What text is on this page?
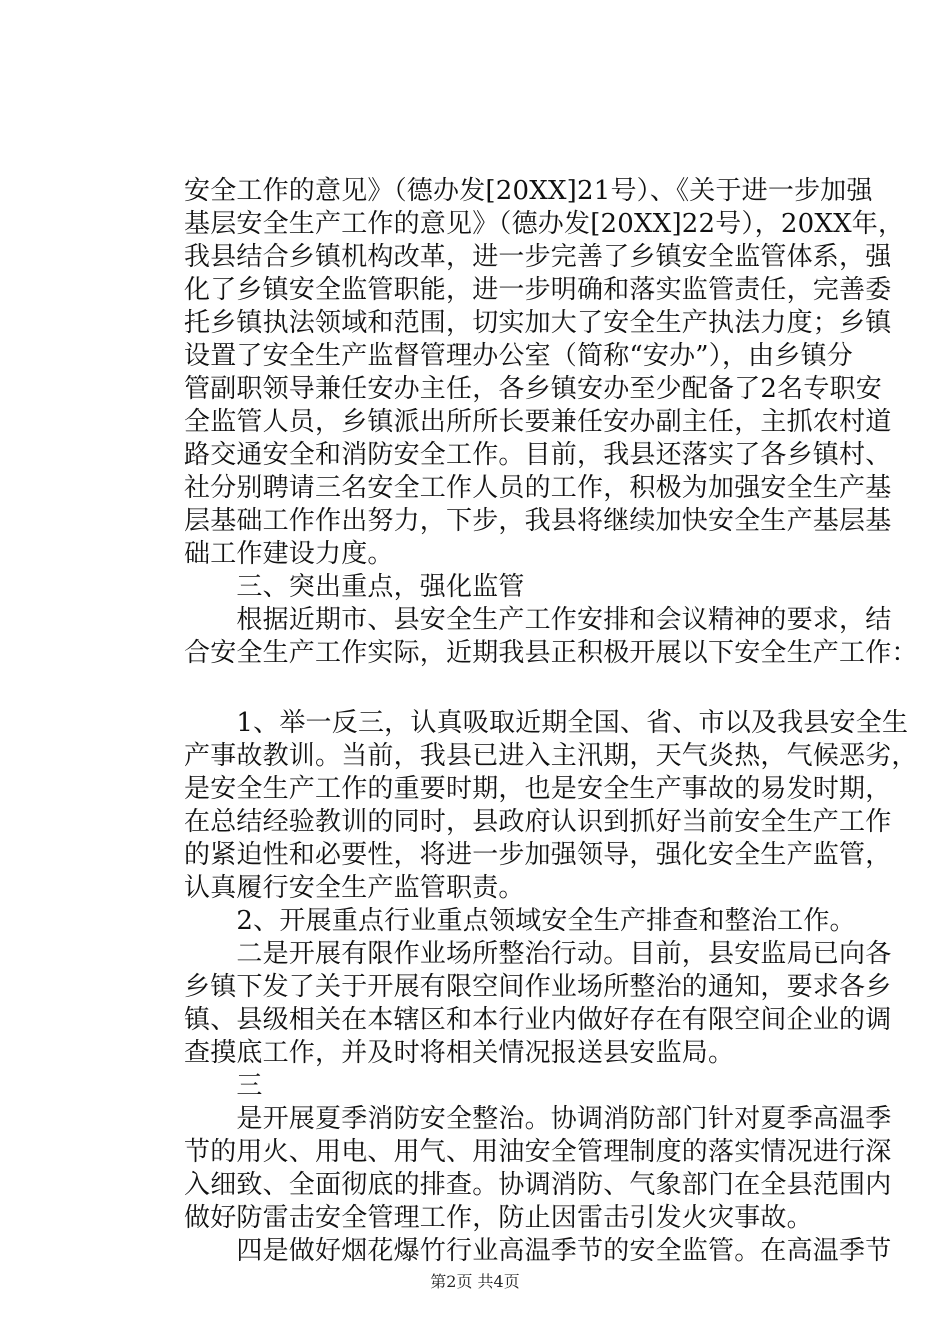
安全工作的意见》（德办发[20XX]21号）、《关于进一步加强
基层安全生产工作的意见》（德办发[20XX]22号），20XX年，
我县结合乡镇机构改革，进一步完善了乡镇安全监管体系，强
化了乡镇安全监管职能，进一步明确和落实监管责任，完善委
托乡镇执法领域和范围，切实加大了安全生产执法力度；乡镇
设置了安全生产监督管理办公室（简称“安办”），由乡镇分
管副职领导兼任安办主任，各乡镇安办至少配备了2名专职安
全监管人员，乡镇派出所所长要兼任安办副主任，主抓农村道
路交通安全和消防安全工作。目前，我县还落实了各乡镇村、
社分别聘请三名安全工作人员的工作，积极为加强安全生产基
层基础工作作出努力，下步，我县将继续加快安全生产基层基
础工作建设力度。
　　三、突出重点，强化监管
　　根据近期市、县安全生产工作安排和会议精神的要求，结
合安全生产工作实际，近期我县正积极开展以下安全生产工作：
　　1、举一反三，认真吸取近期全国、省、市以及我县安全生
产事故教训。当前，我县已进入主汛期，天气炎热，气候恶劣，
是安全生产工作的重要时期，也是安全生产事故的易发时期，
在总结经验教训的同时，县政府认识到抓好当前安全生产工作
的紧迫性和必要性，将进一步加强领导，强化安全生产监管，
认真履行安全生产监管职责。
　　2、开展重点行业重点领域安全生产排查和整治工作。
　　二是开展有限作业场所整治行动。目前，县安监局已向各
乡镇下发了关于开展有限空间作业场所整治的通知，要求各乡
镇、县级相关在本辖区和本行业内做好存在有限空间企业的调
查摸底工作，并及时将相关情况报送县安监局。
　　三
　　是开展夏季消防安全整治。协调消防部门针对夏季高温季
节的用火、用电、用气、用油安全管理制度的落实情况进行深
入细致、全面彻底的排查。协调消防、气象部门在全县范围内
做好防雷击安全管理工作，防止因雷击引发火灾事故。
　　四是做好烟花爆竹行业高温季节的安全监管。在高温季节
第2页 共4页
